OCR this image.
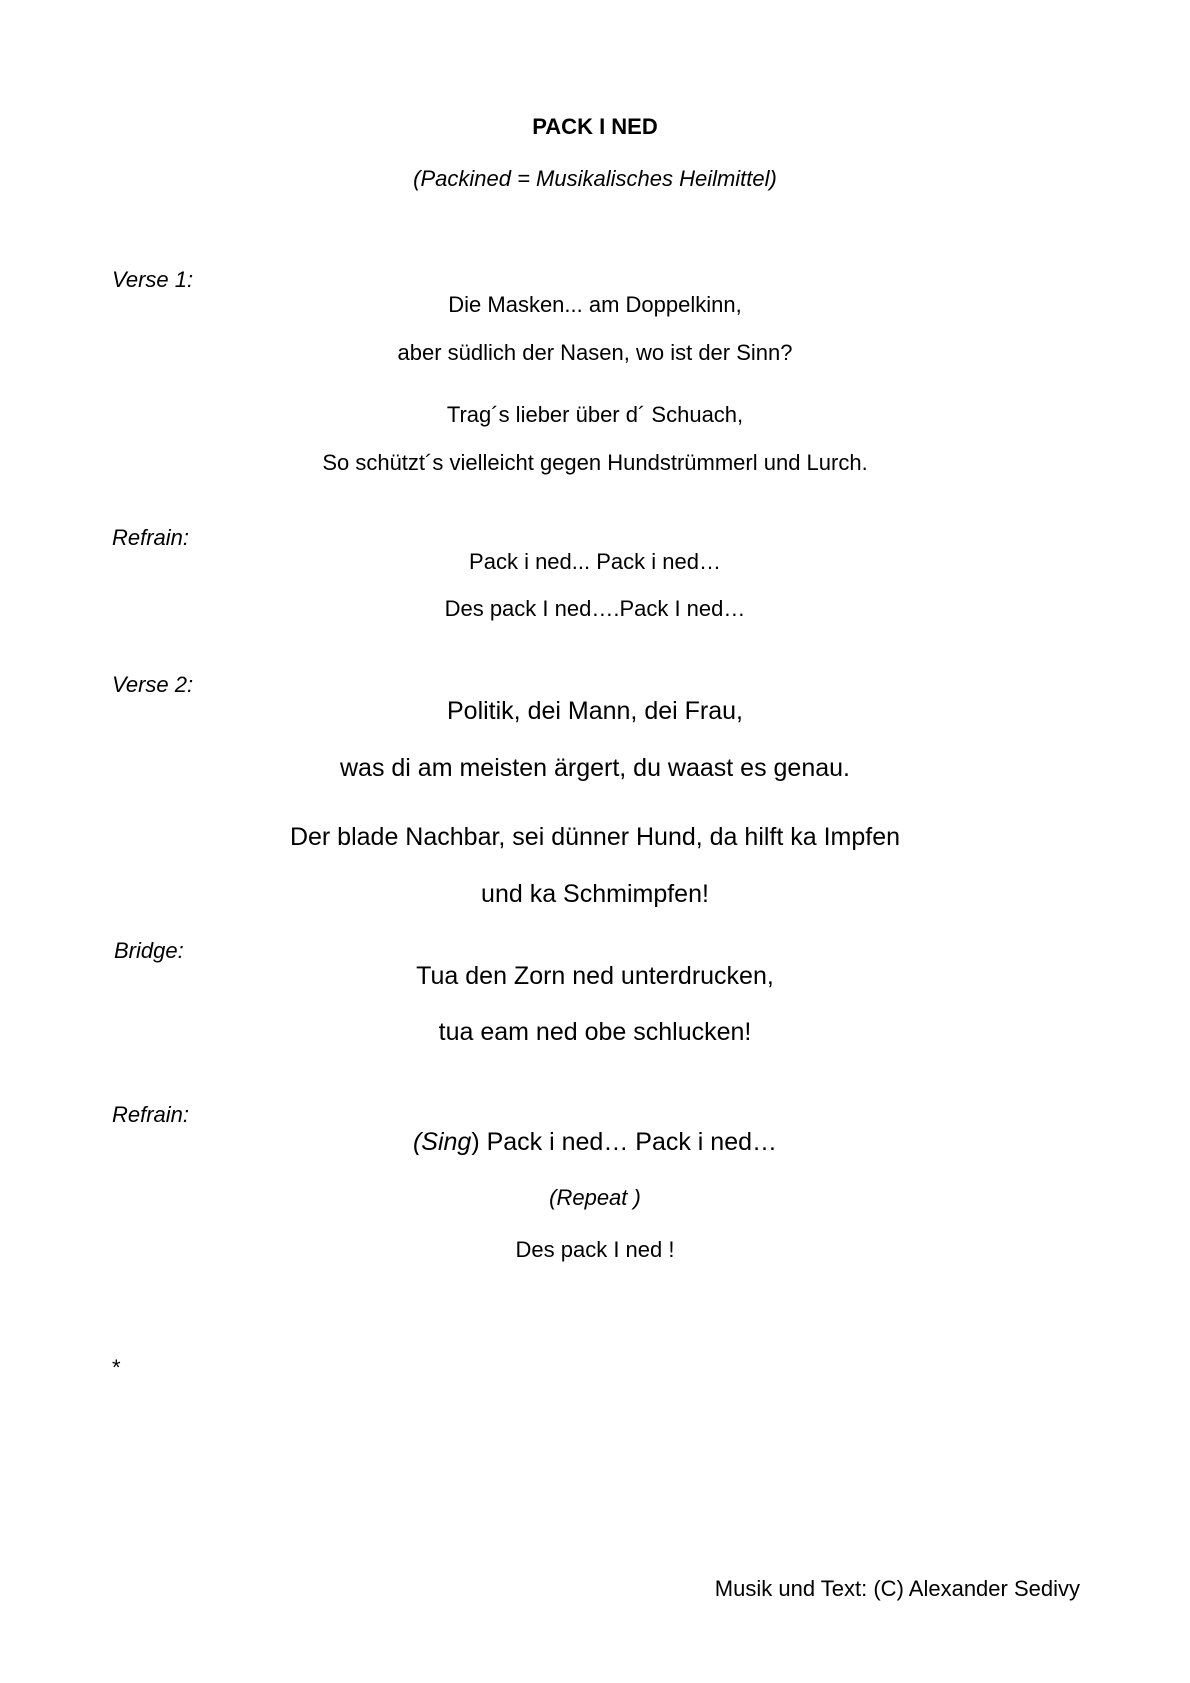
PACK I NED
(Packined = Musikalisches Heilmittel)
Verse 1:
Die Masken... am Doppelkinn,
aber südlich der Nasen, wo ist der Sinn?
Trag´s lieber über d´ Schuach,
So schützt´s vielleicht gegen Hundstrümmerl und Lurch.
Refrain:
Pack i ned... Pack i ned…
Des pack I ned….Pack I ned…
Verse 2:
Politik, dei Mann, dei Frau,
was di am meisten ärgert, du waast es genau.
Der blade Nachbar, sei dünner Hund, da hilft ka Impfen
und ka Schmimpfen!
Bridge:
Tua den Zorn ned unterdrucken,
tua eam ned obe schlucken!
Refrain:
(Sing) Pack i ned… Pack i ned…
(Repeat )
Des pack I ned !
*
Musik und Text: (C) Alexander Sedivy
